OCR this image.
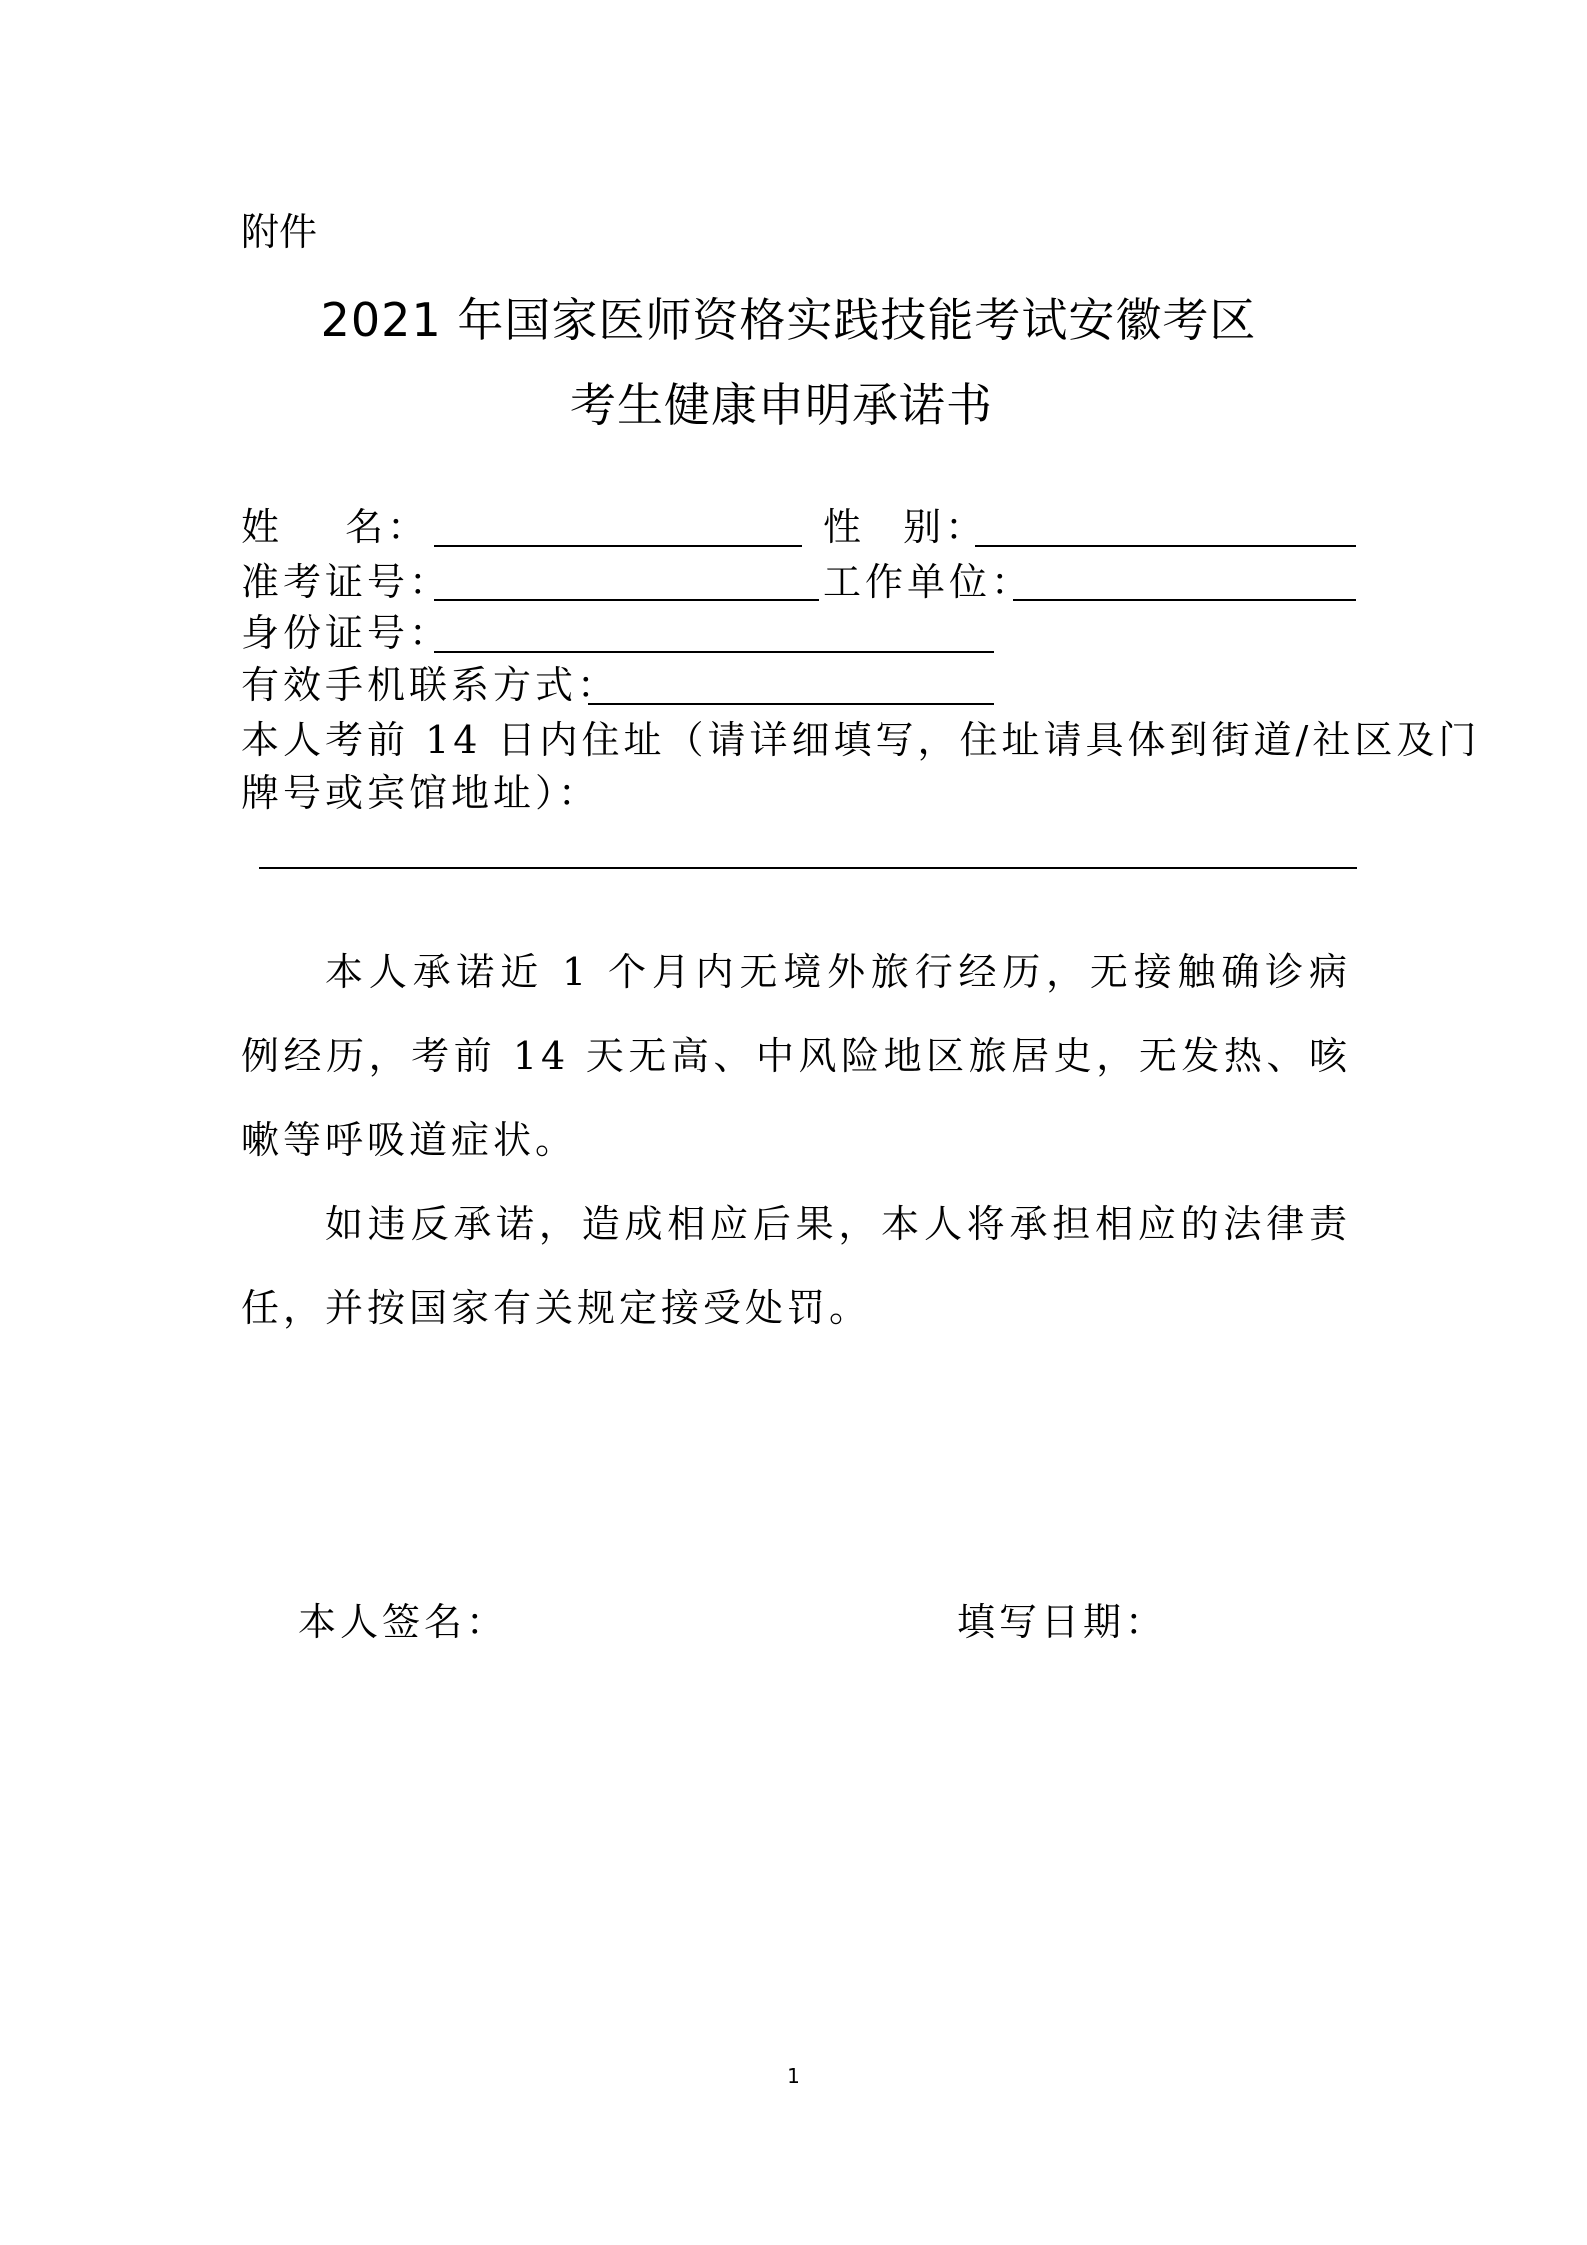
附件
2021 年国家医师资格实践技能考试安徽考区
考生健康申明承诺书
姓 名：	性 别：
准考证号：	工作单位：
身份证号：
有效手机联系方式：
本人考前 14 日内住址（请详细填写，住址请具体到街道/社区及门
牌号或宾馆地址）：
本人承诺近 1 个月内无境外旅行经历，无接触确诊病例经历，考前 14 天无高、中风险地区旅居史，无发热、咳嗽等呼吸道症状。
如违反承诺，造成相应后果，本人将承担相应的法律责任，并按国家有关规定接受处罚。
本人签名：	填写日期：
1
